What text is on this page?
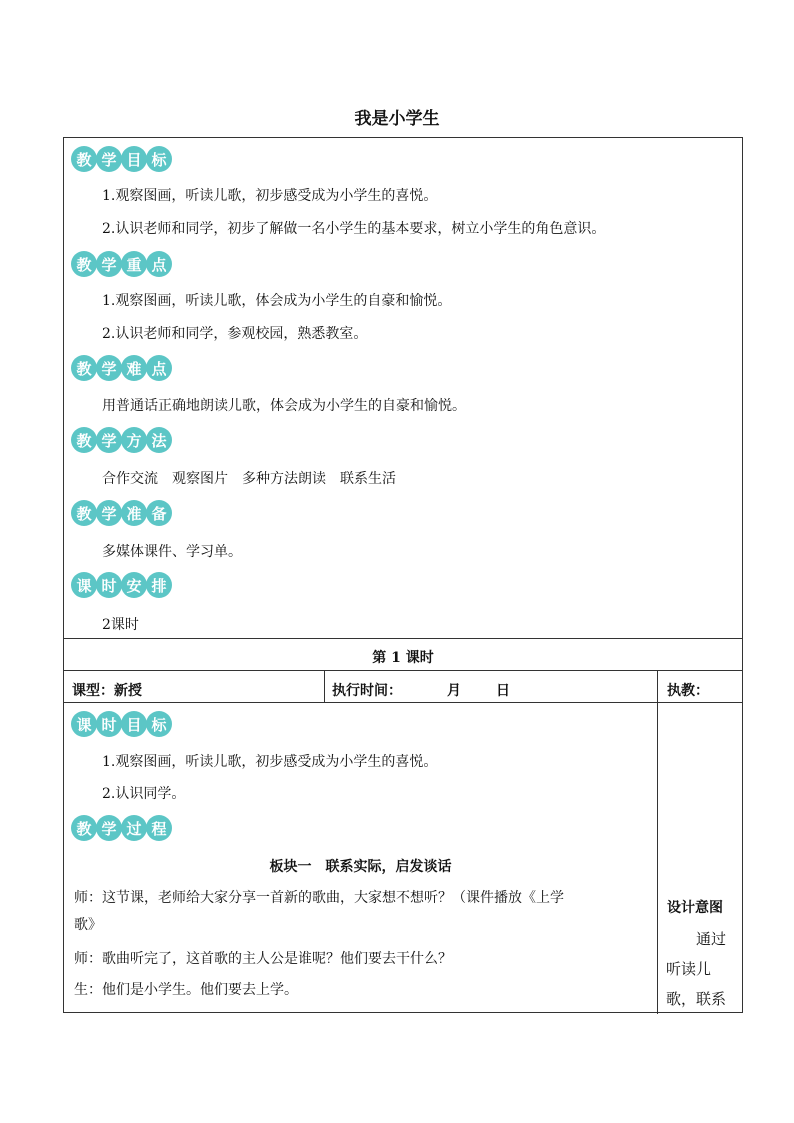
我是小学生
教 学 目 标
1.观察图画，听读儿歌，初步感受成为小学生的喜悦。
2.认识老师和同学，初步了解做一名小学生的基本要求，树立小学生的角色意识。
教 学 重 点
1.观察图画，听读儿歌，体会成为小学生的自豪和愉悦。
2.认识老师和同学，参观校园，熟悉教室。
教 学 难 点
用普通话正确地朗读儿歌，体会成为小学生的自豪和愉悦。
教 学 方 法
合作交流　观察图片　多种方法朗读　联系生活
教 学 准 备
多媒体课件、学习单。
课 时 安 排
2课时
第 1 课时
课型：新授	执行时间：	月	日	执教：
课 时 目 标
1.观察图画，听读儿歌，初步感受成为小学生的喜悦。
2.认识同学。
教 学 过 程
板块一　联系实际，启发谈话
师：这节课，老师给大家分享一首新的歌曲，大家想不想听？（课件播放《上学
歌》
师：歌曲听完了，这首歌的主人公是谁呢？他们要去干什么？
生：他们是小学生。他们要去上学。
设计意图
通过
听读儿
歌，联系
